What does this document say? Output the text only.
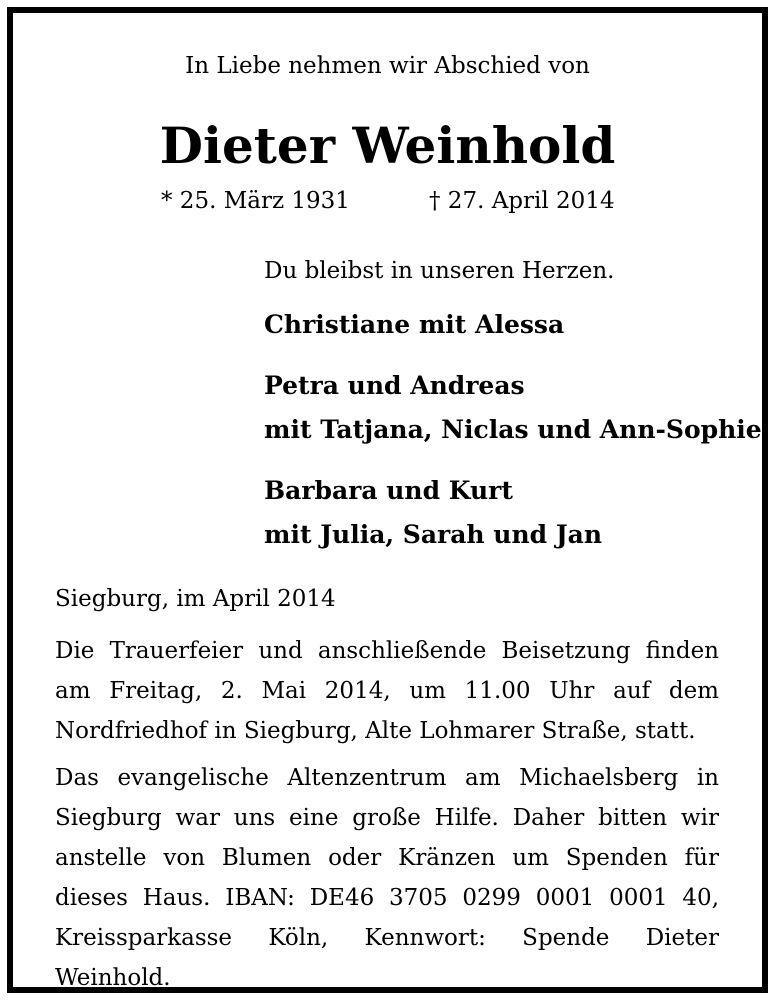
In Liebe nehmen wir Abschied von
Dieter Weinhold
* 25. März 1931	† 27. April 2014
Du bleibst in unseren Herzen.
Christiane mit Alessa
Petra und Andreas
mit Tatjana, Niclas und Ann-Sophie
Barbara und Kurt
mit Julia, Sarah und Jan
Siegburg, im April 2014
Die Trauerfeier und anschließende Beisetzung finden am Freitag, 2. Mai 2014, um 11.00 Uhr auf dem Nordfriedhof in Siegburg, Alte Lohmarer Straße, statt.
Das evangelische Altenzentrum am Michaelsberg in Siegburg war uns eine große Hilfe. Daher bitten wir anstelle von Blumen oder Kränzen um Spenden für dieses Haus. IBAN: DE46 3705 0299 0001 0001 40, Kreissparkasse Köln, Kennwort: Spende Dieter Weinhold.
